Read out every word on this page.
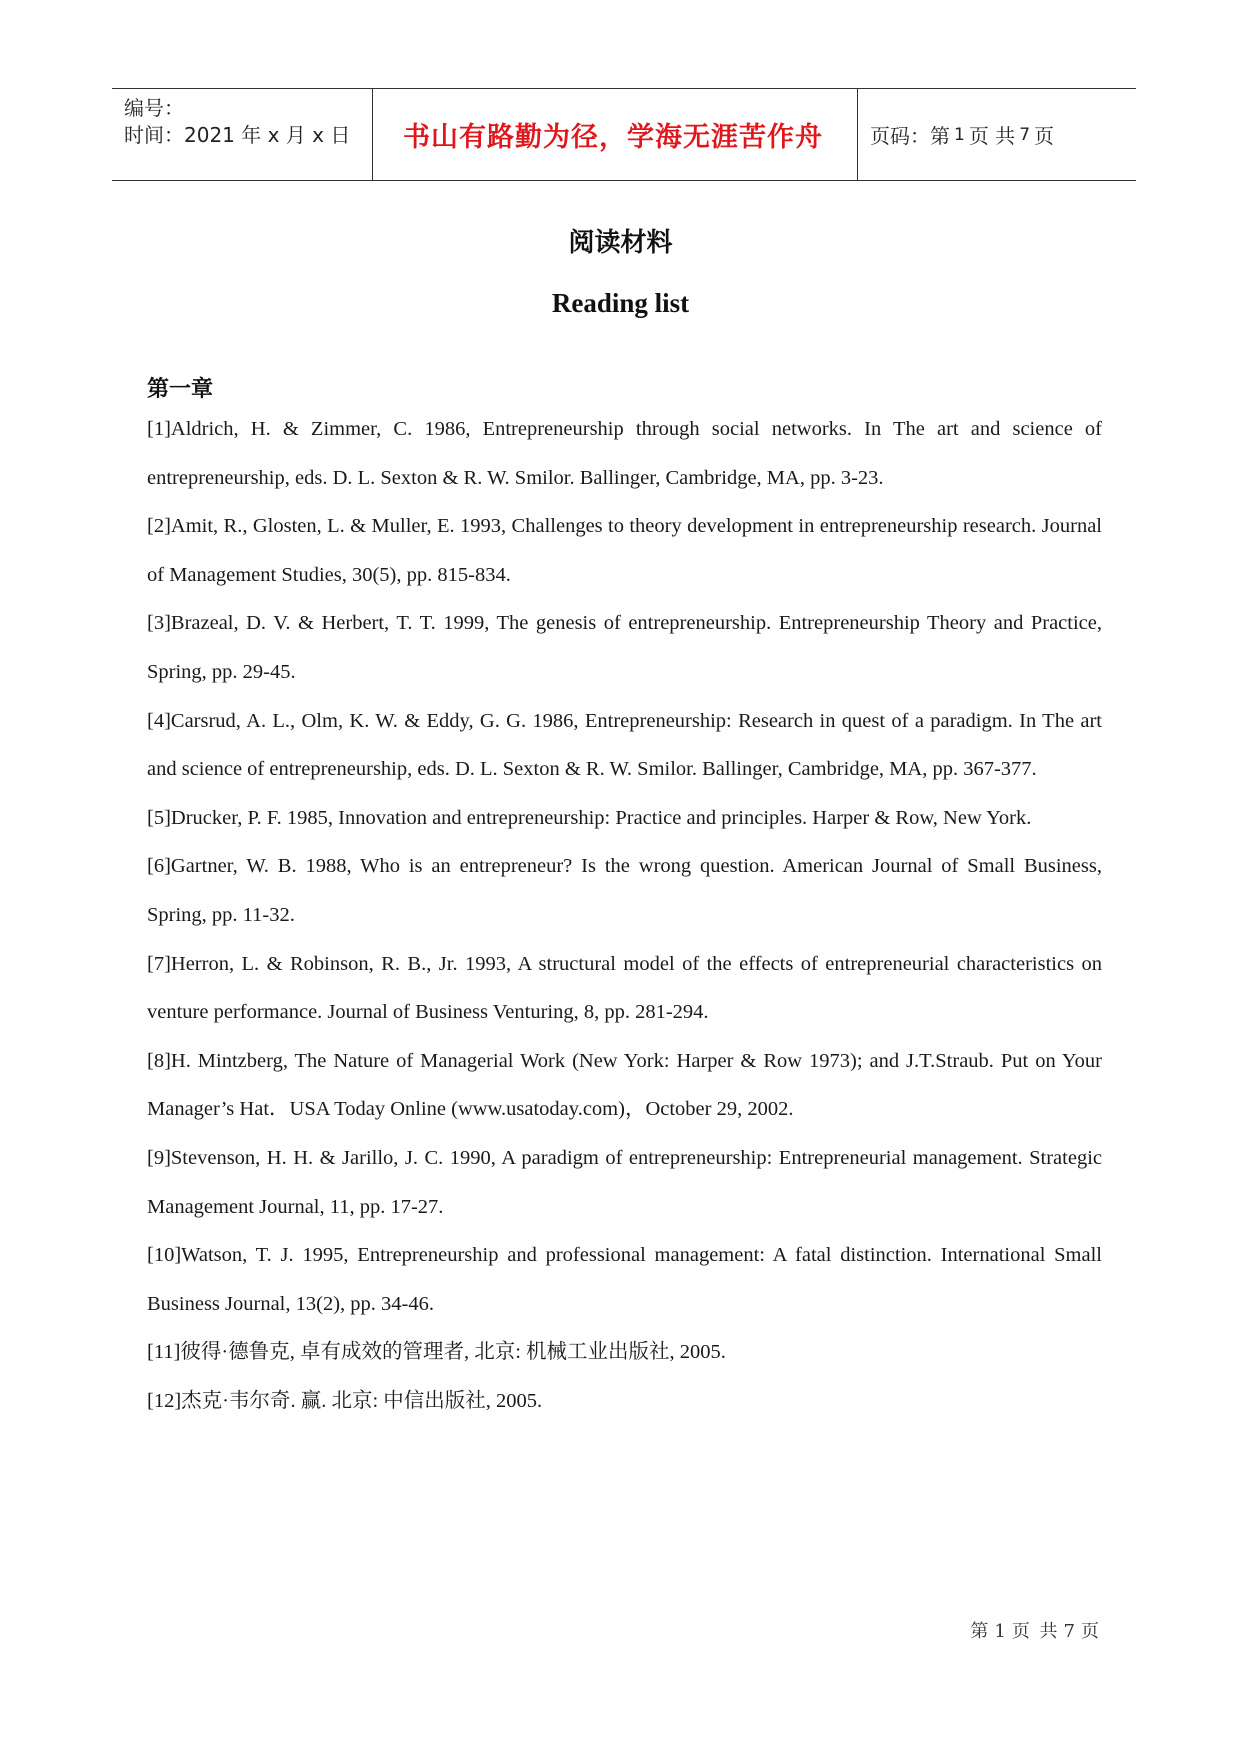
编号：
时间：2021 年 x 月 x 日 书山有路勤为径，学海无涯苦作舟 页码：第 1 页 共 7 页
阅读材料
Reading list
第一章

[1]Aldrich, H. & Zimmer, C. 1986, Entrepreneurship through social networks. In The art and science of entrepreneurship, eds. D. L. Sexton & R. W. Smilor. Ballinger, Cambridge, MA, pp. 3-23.

[2]Amit, R., Glosten, L. & Muller, E. 1993, Challenges to theory development in entrepreneurship research. Journal of Management Studies, 30(5), pp. 815-834.

[3]Brazeal, D. V. & Herbert, T. T. 1999, The genesis of entrepreneurship. Entrepreneurship Theory and Practice, Spring, pp. 29-45.

[4]Carsrud, A. L., Olm, K. W. & Eddy, G. G. 1986, Entrepreneurship: Research in quest of a paradigm. In The art and science of entrepreneurship, eds. D. L. Sexton & R. W. Smilor. Ballinger, Cambridge, MA, pp. 367-377.

[5]Drucker, P. F. 1985, Innovation and entrepreneurship: Practice and principles. Harper & Row, New York.

[6]Gartner, W. B. 1988, Who is an entrepreneur? Is the wrong question. American Journal of Small Business, Spring, pp. 11-32.

[7]Herron, L. & Robinson, R. B., Jr. 1993, A structural model of the effects of entrepreneurial characteristics on venture performance. Journal of Business Venturing, 8, pp. 281-294.

[8]H. Mintzberg, The Nature of Managerial Work (New York: Harper & Row 1973); and J.T.Straub. Put on Your Manager’s Hat．USA Today Online (www.usatoday.com)，October 29, 2002.

[9]Stevenson, H. H. & Jarillo, J. C. 1990, A paradigm of entrepreneurship: Entrepreneurial management. Strategic Management Journal, 11, pp. 17-27.

[10]Watson, T. J. 1995, Entrepreneurship and professional management: A fatal distinction. International Small Business Journal, 13(2), pp. 34-46.

[11]彼得·德鲁克, 卓有成效的管理者, 北京: 机械工业出版社, 2005.

[12]杰克·韦尔奇. 赢. 北京: 中信出版社, 2005.

第 1 页 共 7 页
